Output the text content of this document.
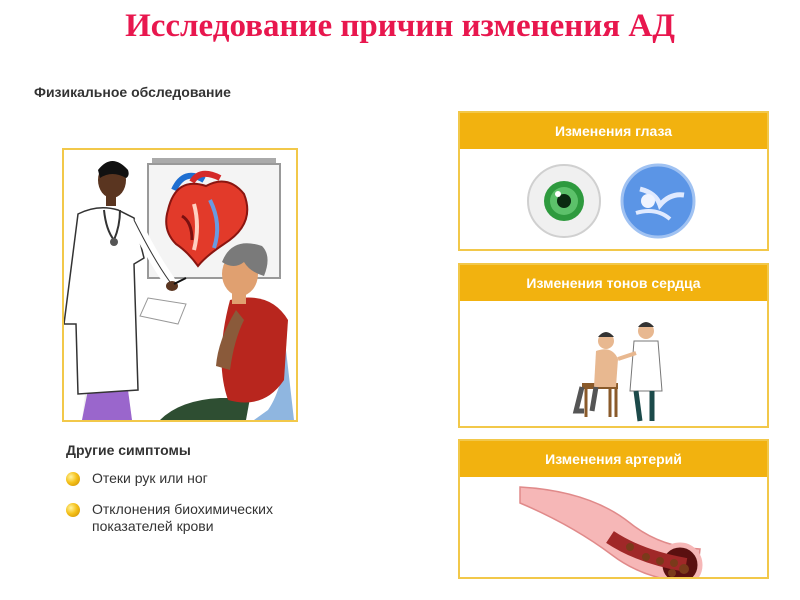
Исследование причин изменения АД
Физикальное обследование
Изменения глаза
Изменения тонов сердца
Изменения артерий
Другие симптомы
Отеки рук или ног
Отклонения биохимических показателей крови
